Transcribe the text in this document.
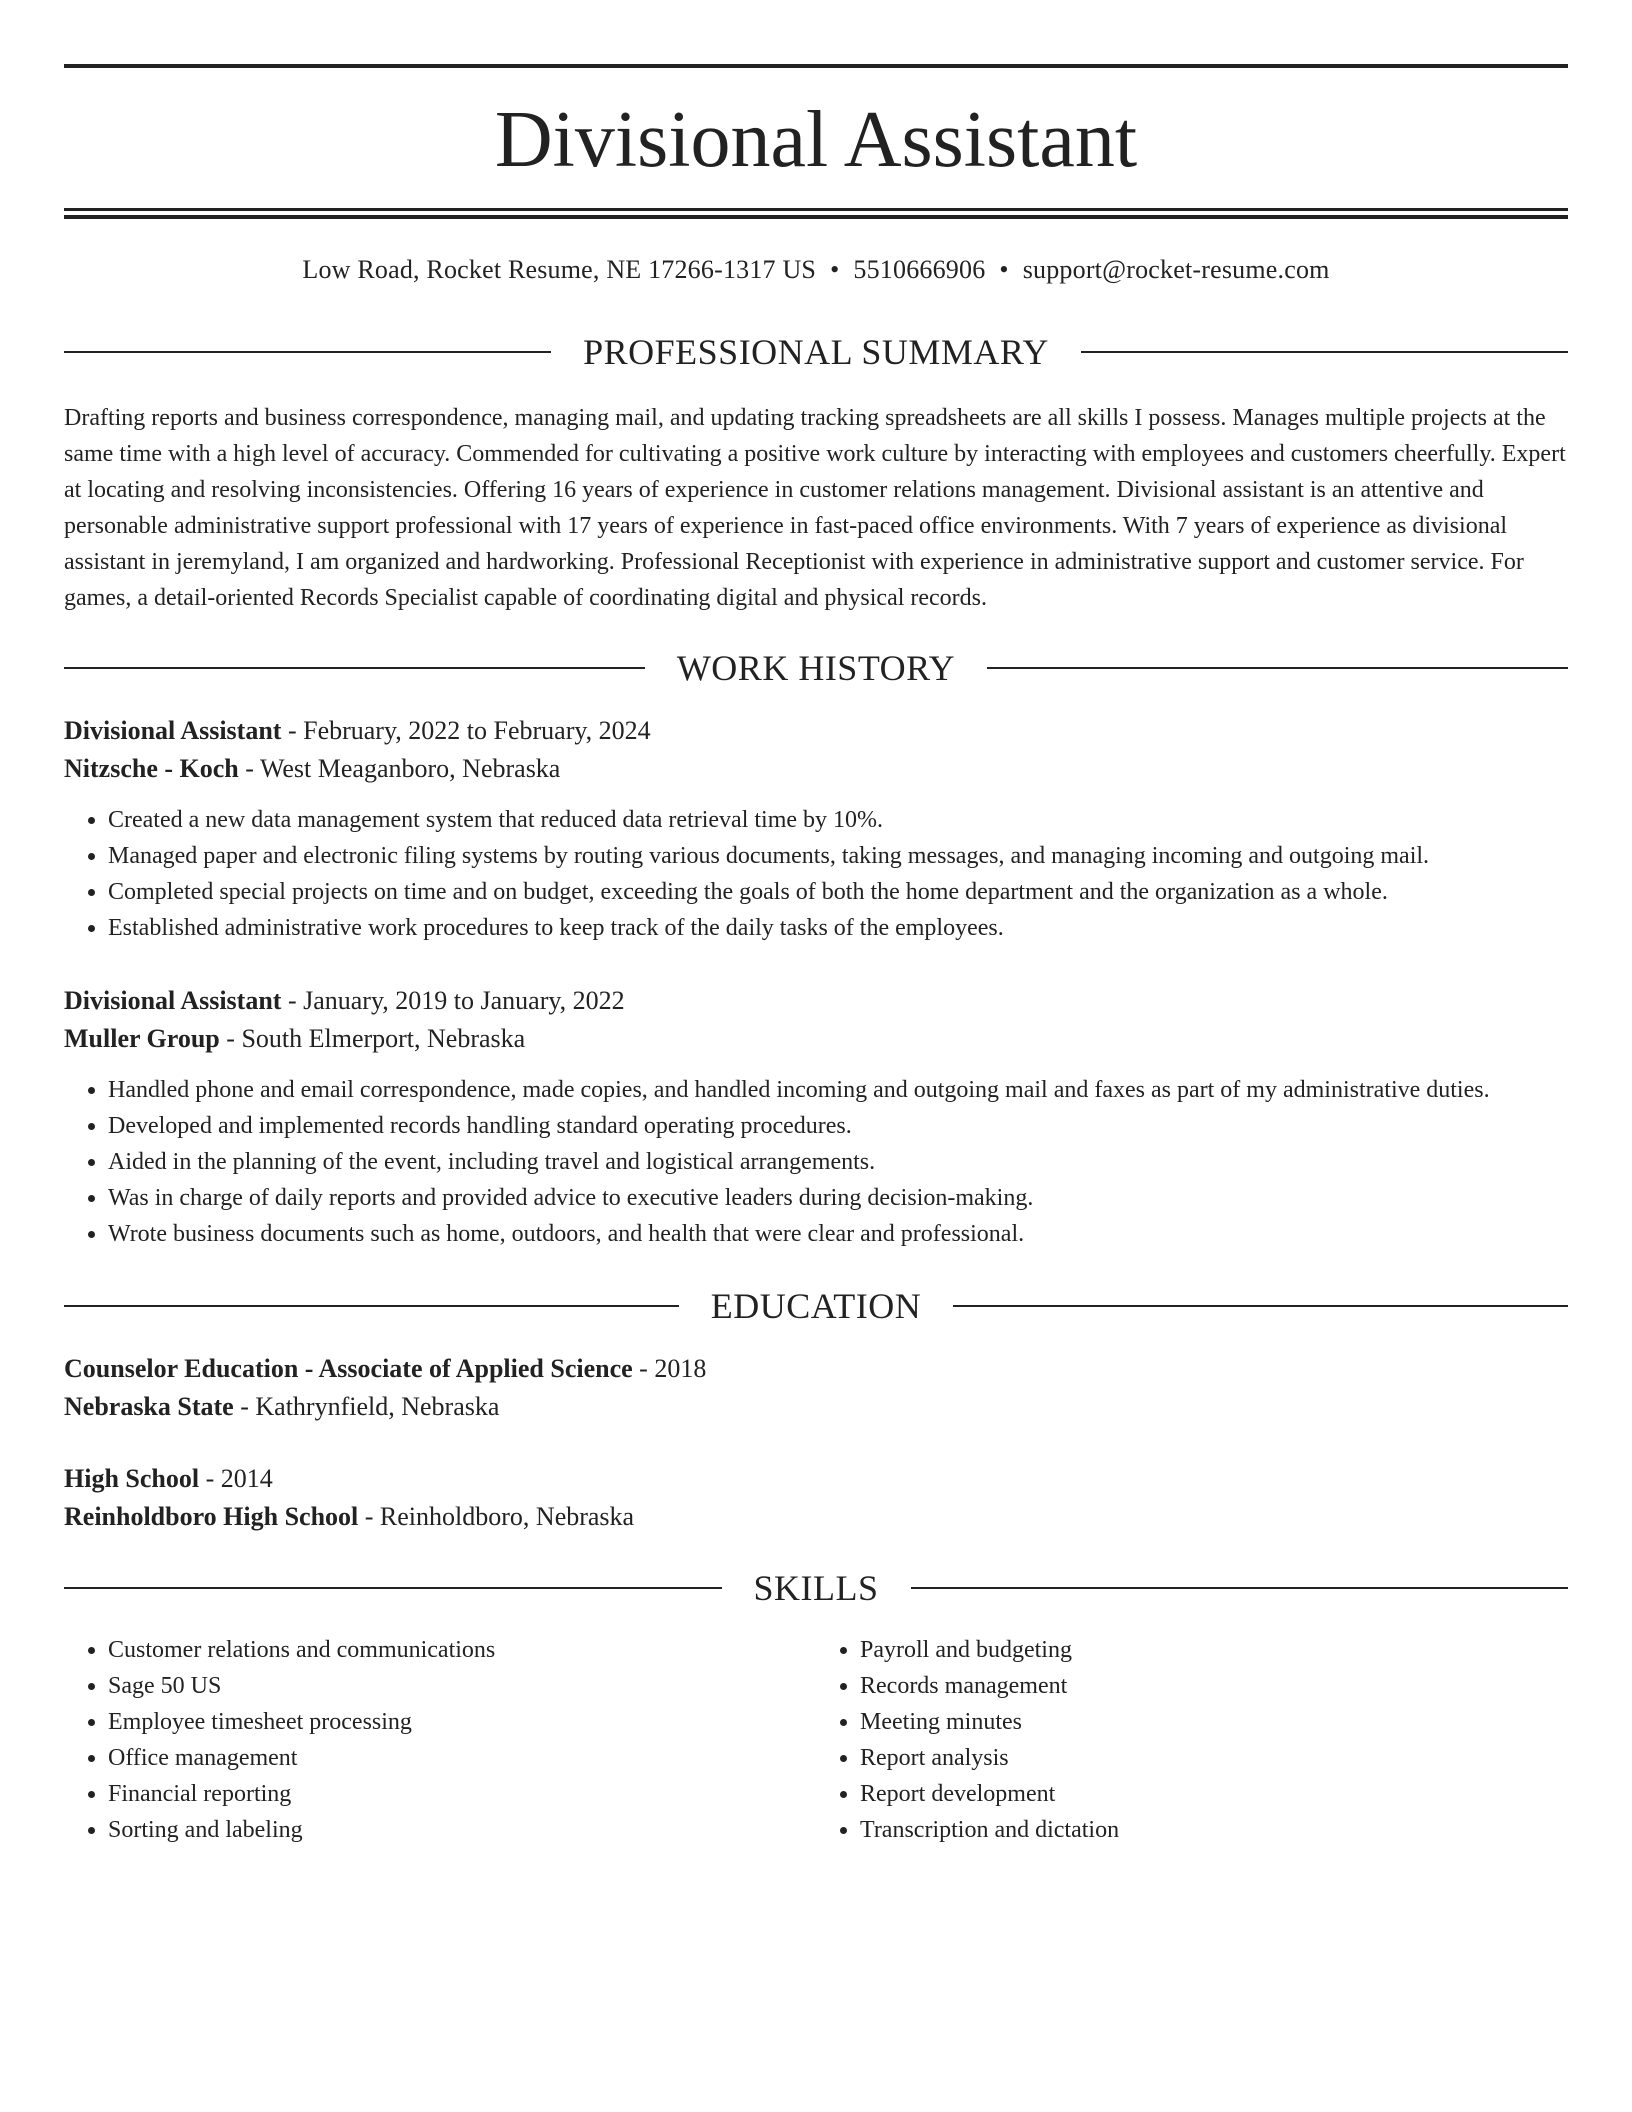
Divisional Assistant
Low Road, Rocket Resume, NE 17266-1317 US • 5510666906 • support@rocket-resume.com
PROFESSIONAL SUMMARY

Drafting reports and business correspondence, managing mail, and updating tracking spreadsheets are all skills I possess. Manages multiple projects at the same time with a high level of accuracy. Commended for cultivating a positive work culture by interacting with employees and customers cheerfully. Expert at locating and resolving inconsistencies. Offering 16 years of experience in customer relations management. Divisional assistant is an attentive and personable administrative support professional with 17 years of experience in fast-paced office environments. With 7 years of experience as divisional assistant in jeremyland, I am organized and hardworking. Professional Receptionist with experience in administrative support and customer service. For games, a detail-oriented Records Specialist capable of coordinating digital and physical records.

WORK HISTORY

Divisional Assistant - February, 2022 to February, 2024

Nitzsche - Koch - West Meaganboro, Nebraska

• Created a new data management system that reduced data retrieval time by 10%.
• Managed paper and electronic filing systems by routing various documents, taking messages, and managing incoming and outgoing mail.
• Completed special projects on time and on budget, exceeding the goals of both the home department and the organization as a whole.
• Established administrative work procedures to keep track of the daily tasks of the employees.

Divisional Assistant - January, 2019 to January, 2022

Muller Group - South Elmerport, Nebraska

• Handled phone and email correspondence, made copies, and handled incoming and outgoing mail and faxes as part of my administrative duties.
• Developed and implemented records handling standard operating procedures.
• Aided in the planning of the event, including travel and logistical arrangements.
• Was in charge of daily reports and provided advice to executive leaders during decision-making.
• Wrote business documents such as home, outdoors, and health that were clear and professional.
EDUCATION

Counselor Education - Associate of Applied Science - 2018

Nebraska State - Kathrynfield, Nebraska

High School - 2014

Reinholdboro High School - Reinholdboro, Nebraska

SKILLS
• Customer relations and communications
• Sage 50 US
• Employee timesheet processing
• Office management
• Financial reporting
• Sorting and labeling
• Payroll and budgeting
• Records management
• Meeting minutes
• Report analysis
• Report development
• Transcription and dictation
